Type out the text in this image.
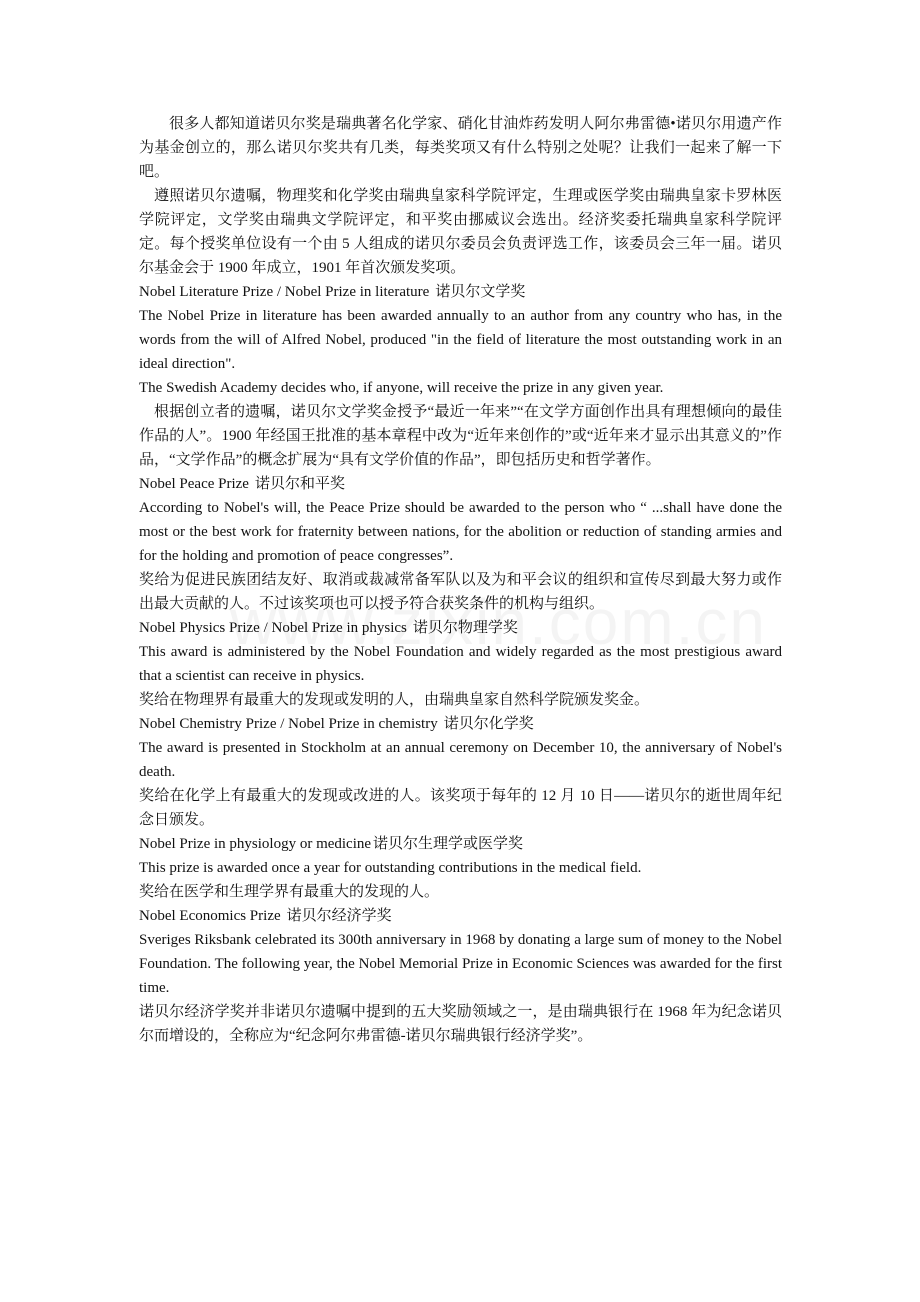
很多人都知道诺贝尔奖是瑞典著名化学家、硝化甘油炸药发明人阿尔弗雷德•诺贝尔用遗产作为基金创立的，那么诺贝尔奖共有几类，每类奖项又有什么特别之处呢？让我们一起来了解一下吧。

遵照诺贝尔遗嘱，物理奖和化学奖由瑞典皇家科学院评定，生理或医学奖由瑞典皇家卡罗林医学院评定，文学奖由瑞典文学院评定，和平奖由挪威议会选出。经济奖委托瑞典皇家科学院评定。每个授奖单位设有一个由 5 人组成的诺贝尔委员会负责评选工作，该委员会三年一届。诺贝尔基金会于 1900 年成立，1901 年首次颁发奖项。

Nobel Literature Prize / Nobel Prize in literature 诺贝尔文学奖

The Nobel Prize in literature has been awarded annually to an author from any country who has, in the words from the will of Alfred Nobel, produced "in the field of literature the most outstanding work in an ideal direction".

The Swedish Academy decides who, if anyone, will receive the prize in any given year.

根据创立者的遗嘱，诺贝尔文学奖金授予“最近一年来”“在文学方面创作出具有理想倾向的最佳作品的人”。1900 年经国王批准的基本章程中改为“近年来创作的”或“近年来才显示出其意义的”作品，“文学作品”的概念扩展为“具有文学价值的作品”，即包括历史和哲学著作。

Nobel Peace Prize 诺贝尔和平奖

According to Nobel's will, the Peace Prize should be awarded to the person who “ ...shall have done the most or the best work for fraternity between nations, for the abolition or reduction of standing armies and for the holding and promotion of peace congresses”.

奖给为促进民族团结友好、取消或裁减常备军队以及为和平会议的组织和宣传尽到最大努力或作出最大贡献的人。不过该奖项也可以授予符合获奖条件的机构与组织。

Nobel Physics Prize / Nobel Prize in physics 诺贝尔物理学奖

This award is administered by the Nobel Foundation and widely regarded as the most prestigious award that a scientist can receive in physics.

奖给在物理界有最重大的发现或发明的人，由瑞典皇家自然科学院颁发奖金。

Nobel Chemistry Prize / Nobel Prize in chemistry 诺贝尔化学奖

The award is presented in Stockholm at an annual ceremony on December 10, the anniversary of Nobel's death.

奖给在化学上有最重大的发现或改进的人。该奖项于每年的 12 月 10 日——诺贝尔的逝世周年纪念日颁发。

Nobel Prize in physiology or medicine 诺贝尔生理学或医学奖

This prize is awarded once a year for outstanding contributions in the medical field.

奖给在医学和生理学界有最重大的发现的人。

Nobel Economics Prize 诺贝尔经济学奖

Sveriges Riksbank celebrated its 300th anniversary in 1968 by donating a large sum of money to the Nobel Foundation. The following year, the Nobel Memorial Prize in Economic Sciences was awarded for the first time.

诺贝尔经济学奖并非诺贝尔遗嘱中提到的五大奖励领域之一，是由瑞典银行在 1968 年为纪念诺贝尔而增设的，全称应为“纪念阿尔弗雷德-诺贝尔瑞典银行经济学奖”。
